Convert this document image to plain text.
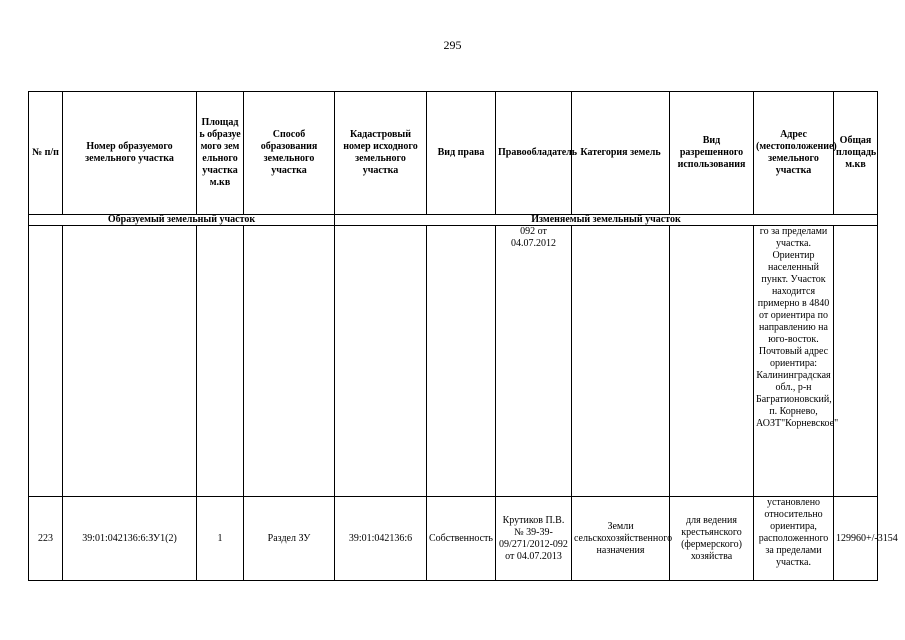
295
№ п/п	Номер образуемого земельного участка	Площадь образуемого земельного участка м.кв	Способ образования земельного участка	Кадастровый номер исходного земельного участка	Вид права	Правообладатель	Категория земель	Вид разрешенного использования	Адрес (местоположение) земельного участка	Общая площадь м.кв
Образуемый земельный участок				Изменяемый земельный участок						
						092 от 04.07.2012			го за пределами участка. Ориентир населенный пункт. Участок находится примерно в 4840 от ориентира по направлению на юго-восток. Почтовый адрес ориентира: Калининградская обл., р-н Багратионовский, п. Корнево, АОЗТ"Корневское"	
223	39:01:042136:6:ЗУ1(2)	1	Раздел ЗУ	39:01:042136:6	Собственность	Крутиков П.В. № 39-39-09/271/2012-092 от 04.07.2013	Земли сельскохозяйственного назначения	для ведения крестьянского (фермерского) хозяйства	установлено относительно ориентира, расположенного за пределами участка.	129960+/-3154
